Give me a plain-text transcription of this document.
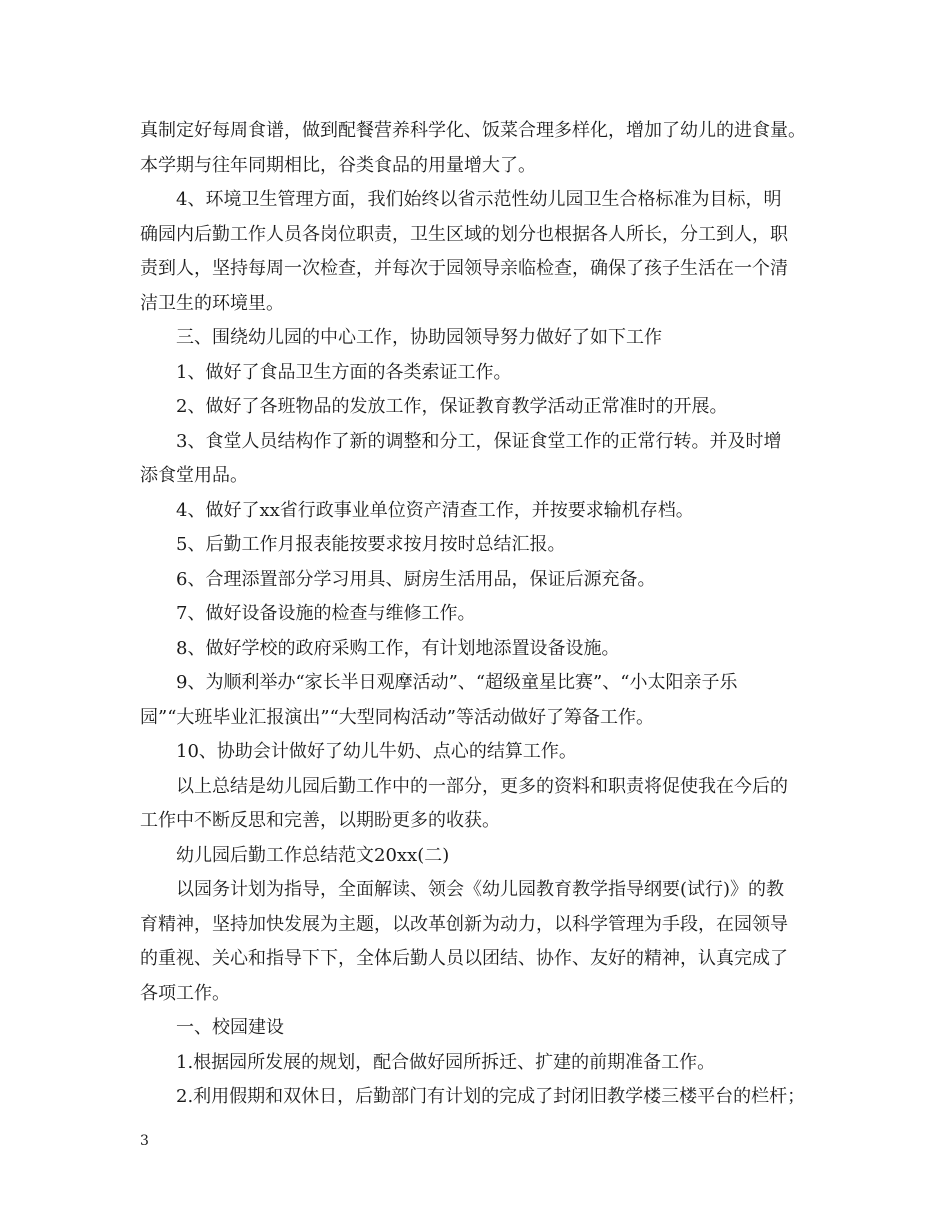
真制定好每周食谱，做到配餐营养科学化、饭菜合理多样化，增加了幼儿的进食量。
本学期与往年同期相比，谷类食品的用量增大了。
4、环境卫生管理方面，我们始终以省示范性幼儿园卫生合格标准为目标，明
确园内后勤工作人员各岗位职责，卫生区域的划分也根据各人所长，分工到人，职
责到人，坚持每周一次检查，并每次于园领导亲临检查，确保了孩子生活在一个清
洁卫生的环境里。
三、围绕幼儿园的中心工作，协助园领导努力做好了如下工作
1、做好了食品卫生方面的各类索证工作。
2、做好了各班物品的发放工作，保证教育教学活动正常准时的开展。
3、食堂人员结构作了新的调整和分工，保证食堂工作的正常行转。并及时增
添食堂用品。
4、做好了xx省行政事业单位资产清查工作，并按要求输机存档。
5、后勤工作月报表能按要求按月按时总结汇报。
6、合理添置部分学习用具、厨房生活用品，保证后源充备。
7、做好设备设施的检查与维修工作。
8、做好学校的政府采购工作，有计划地添置设备设施。
9、为顺利举办“家长半日观摩活动”、“超级童星比赛”、“小太阳亲子乐
园”“大班毕业汇报演出”“大型同构活动”等活动做好了筹备工作。
10、协助会计做好了幼儿牛奶、点心的结算工作。
以上总结是幼儿园后勤工作中的一部分，更多的资料和职责将促使我在今后的
工作中不断反思和完善，以期盼更多的收获。
幼儿园后勤工作总结范文20xx(二)
以园务计划为指导，全面解读、领会《幼儿园教育教学指导纲要(试行)》的教
育精神，坚持加快发展为主题，以改革创新为动力，以科学管理为手段，在园领导
的重视、关心和指导下下，全体后勤人员以团结、协作、友好的精神，认真完成了
各项工作。
一、校园建设
1.根据园所发展的规划，配合做好园所拆迁、扩建的前期准备工作。
2.利用假期和双休日，后勤部门有计划的完成了封闭旧教学楼三楼平台的栏杆；
3
